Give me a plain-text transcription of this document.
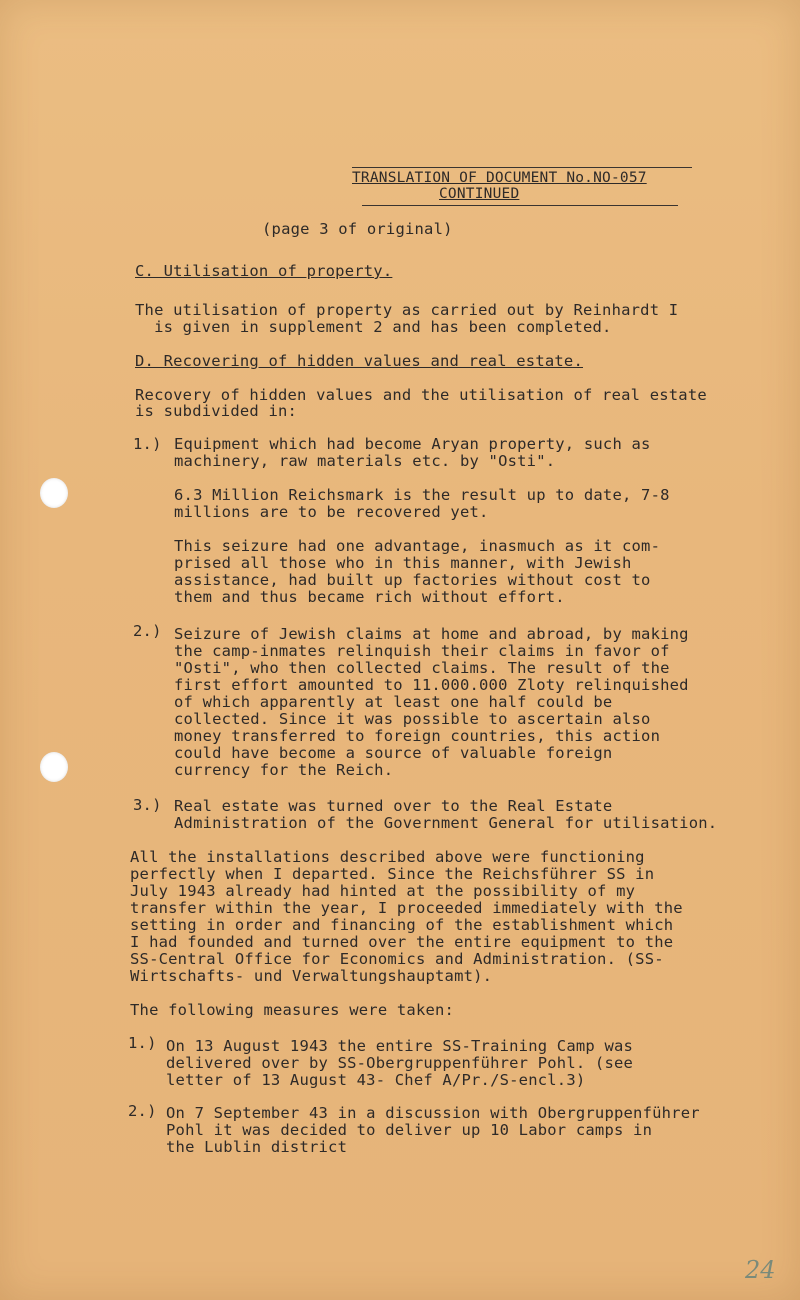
TRANSLATION OF DOCUMENT No.NO-057
CONTINUED
(page 3 of original)
C. Utilisation of property.
The utilisation of property as carried out by Reinhardt I
is given in supplement 2 and has been completed.
D. Recovering of hidden values and real estate.
Recovery of hidden values and the utilisation of real estate
is subdivided in:
1.) Equipment which had become Aryan property, such as
machinery, raw materials etc. by "Osti".
6.3 Million Reichsmark is the result up to date, 7-8
millions are to be recovered yet.
This seizure had one advantage, inasmuch as it com-
prised all those who in this manner, with Jewish
assistance, had built up factories without cost to
them and thus became rich without effort.
2.) Seizure of Jewish claims at home and abroad, by making
the camp-inmates relinquish their claims in favor of
"Osti", who then collected claims. The result of the
first effort amounted to 11.000.000 Zloty relinquished
of which apparently at least one half could be
collected. Since it was possible to ascertain also
money transferred to foreign countries, this action
could have become a source of valuable foreign
currency for the Reich.
3.) Real estate was turned over to the Real Estate
Administration of the Government General for utilisation.
All the installations described above were functioning
perfectly when I departed. Since the Reichsführer SS in
July 1943 already had hinted at the possibility of my
transfer within the year, I proceeded immediately with the
setting in order and financing of the establishment which
I had founded and turned over the entire equipment to the
SS-Central Office for Economics and Administration. (SS-
Wirtschafts- und Verwaltungshauptamt).
The following measures were taken:
1.) On 13 August 1943 the entire SS-Training Camp was
delivered over by SS-Obergruppenführer Pohl. (see
letter of 13 August 43- Chef A/Pr./S-encl.3)
2.) On 7 September 43 in a discussion with Obergruppenführer
Pohl it was decided to deliver up 10 Labor camps in
the Lublin district
24
